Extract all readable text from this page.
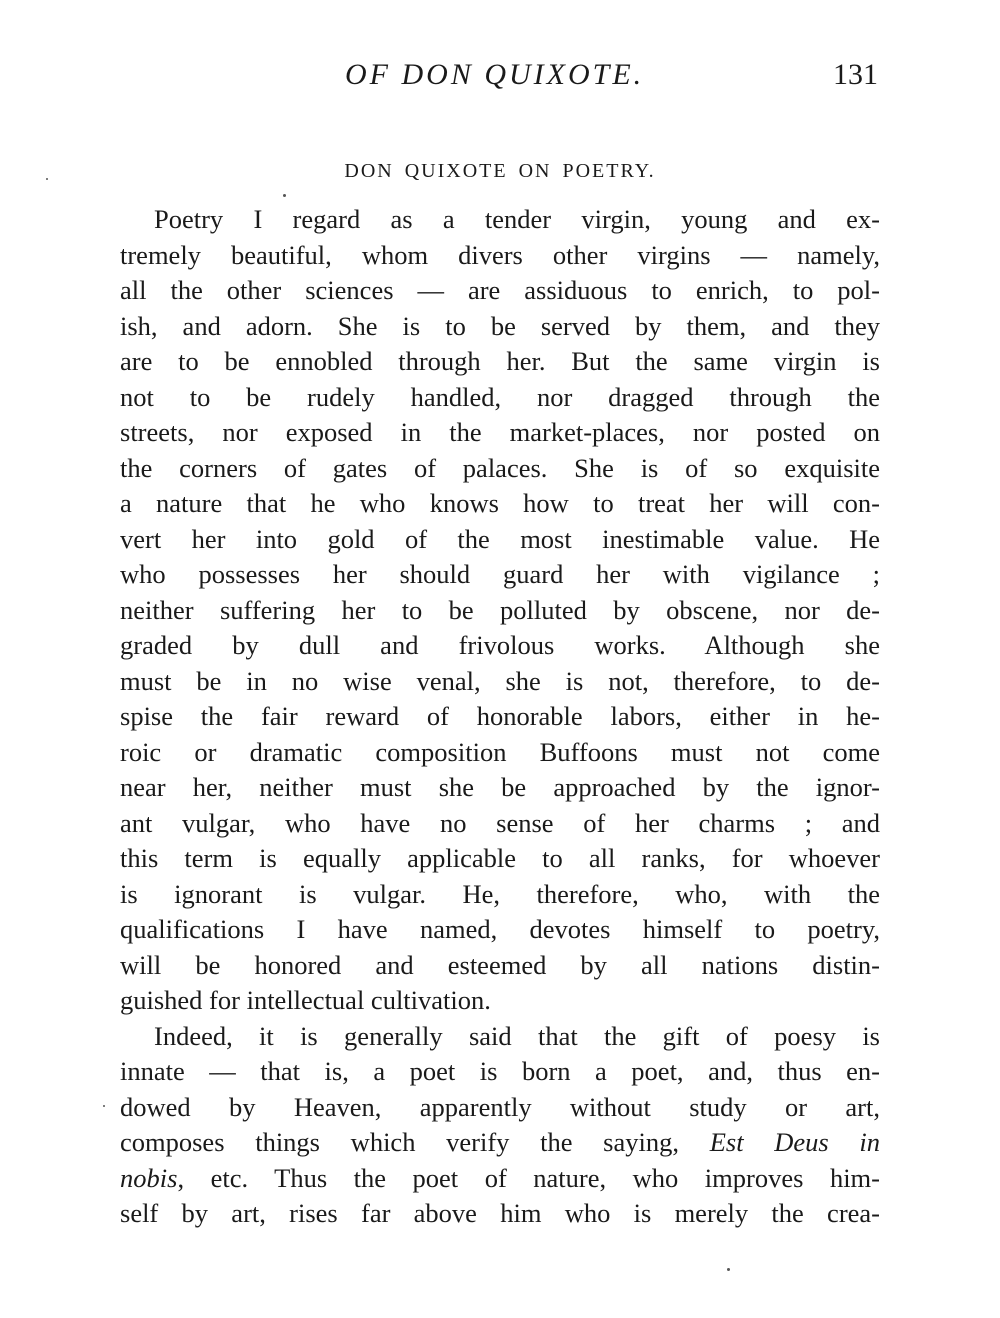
OF DON QUIXOTE.	131
DON QUIXOTE ON POETRY.
Poetry I regard as a tender virgin, young and ex-
tremely beautiful, whom divers other virgins — namely,
all the other sciences — are assiduous to enrich, to pol-
ish, and adorn. She is to be served by them, and they
are to be ennobled through her. But the same virgin is
not to be rudely handled, nor dragged through the
streets, nor exposed in the market-places, nor posted on
the corners of gates of palaces. She is of so exquisite
a nature that he who knows how to treat her will con-
vert her into gold of the most inestimable value. He
who possesses her should guard her with vigilance ;
neither suffering her to be polluted by obscene, nor de-
graded by dull and frivolous works. Although she
must be in no wise venal, she is not, therefore, to de-
spise the fair reward of honorable labors, either in he-
roic or dramatic composition Buffoons must not come
near her, neither must she be approached by the ignor-
ant vulgar, who have no sense of her charms ; and
this term is equally applicable to all ranks, for whoever
is ignorant is vulgar. He, therefore, who, with the
qualifications I have named, devotes himself to poetry,
will be honored and esteemed by all nations distin-
guished for intellectual cultivation.
Indeed, it is generally said that the gift of poesy is
innate — that is, a poet is born a poet, and, thus en-
dowed by Heaven, apparently without study or art,
composes things which verify the saying, Est Deus in
nobis, etc. Thus the poet of nature, who improves him-
self by art, rises far above him who is merely the crea-
